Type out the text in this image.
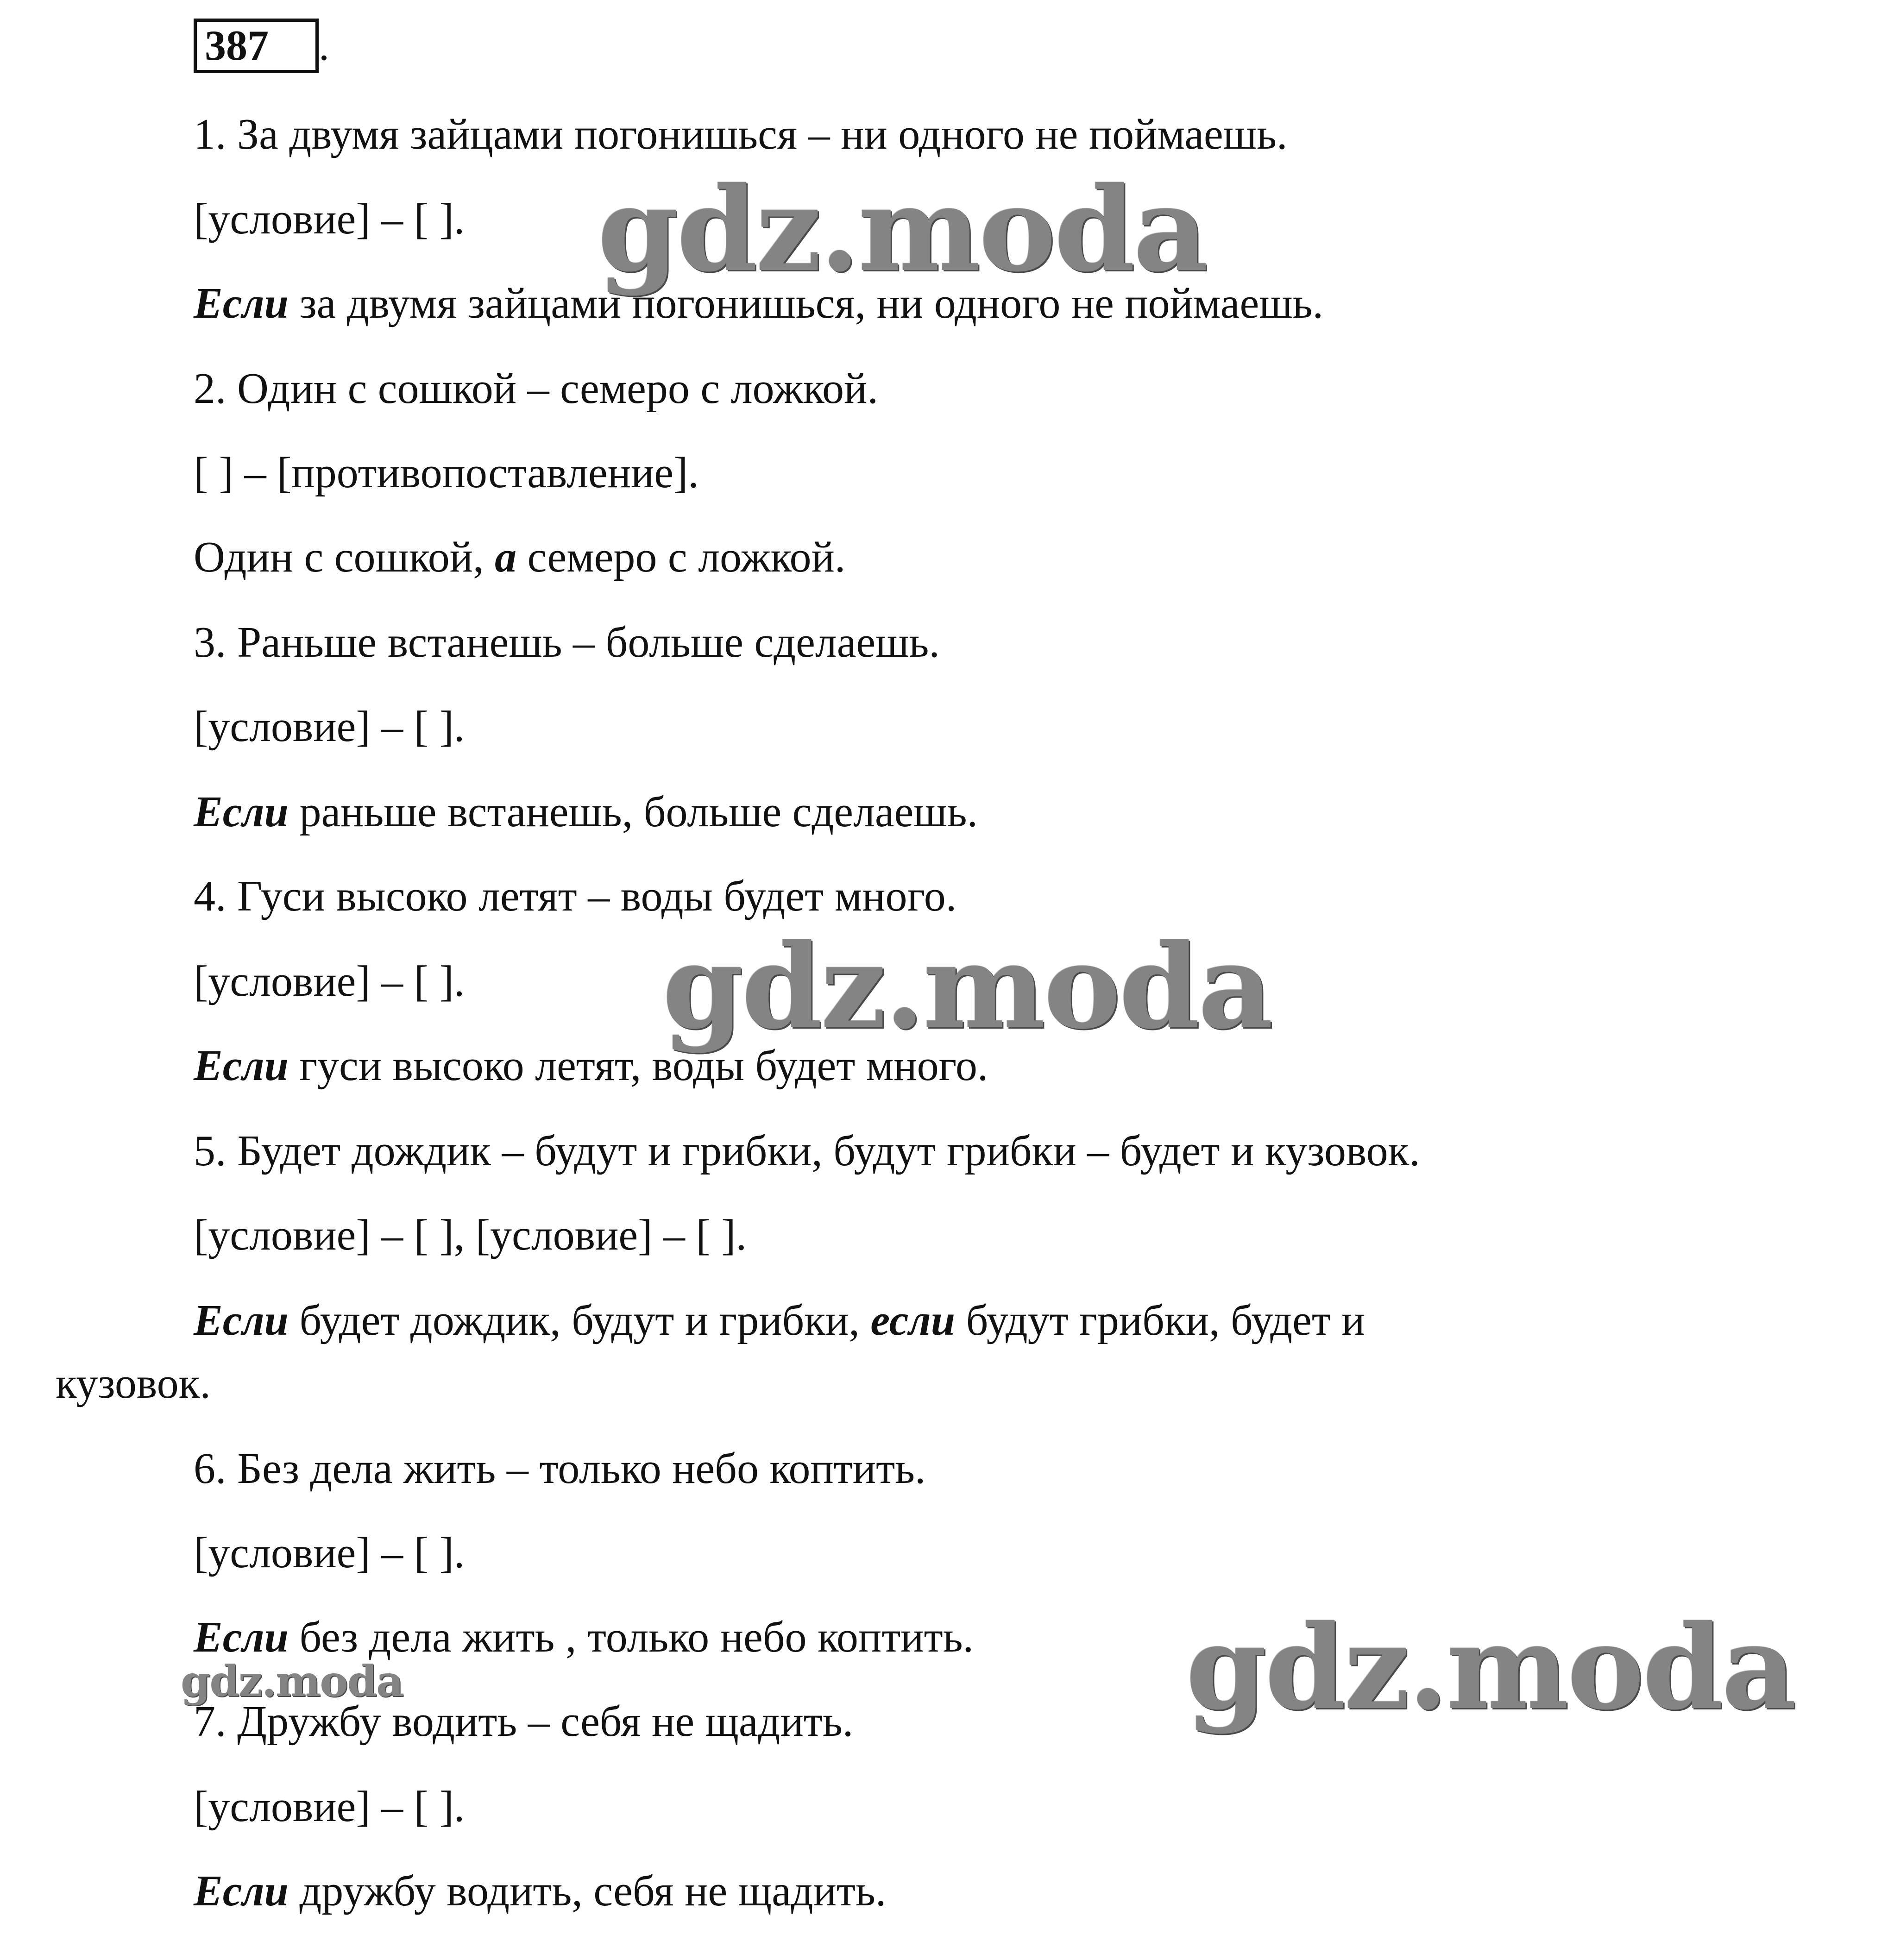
387 .
1. За двумя зайцами погонишься – ни одного не поймаешь.
[условие] – [ ].
Если за двумя зайцами погонишься, ни одного не поймаешь.
2. Один с сошкой – семеро с ложкой.
[ ] – [противопоставление].
Один с сошкой, а семеро с ложкой.
3. Раньше встанешь – больше сделаешь.
[условие] – [ ].
Если раньше встанешь, больше сделаешь.
4. Гуси высоко летят – воды будет много.
[условие] – [ ].
Если гуси высоко летят, воды будет много.
5. Будет дождик – будут и грибки, будут грибки – будет и кузовок.
[условие] – [ ], [условие] – [ ].
Если будет дождик, будут и грибки, если будут грибки, будет и
кузовок.
6. Без дела жить – только небо коптить.
[условие] – [ ].
Если без дела жить , только небо коптить.
7. Дружбу водить – себя не щадить.
[условие] – [ ].
Если дружбу водить, себя не щадить.
gdz.moda
gdz.moda
gdz.moda
gdz.moda
